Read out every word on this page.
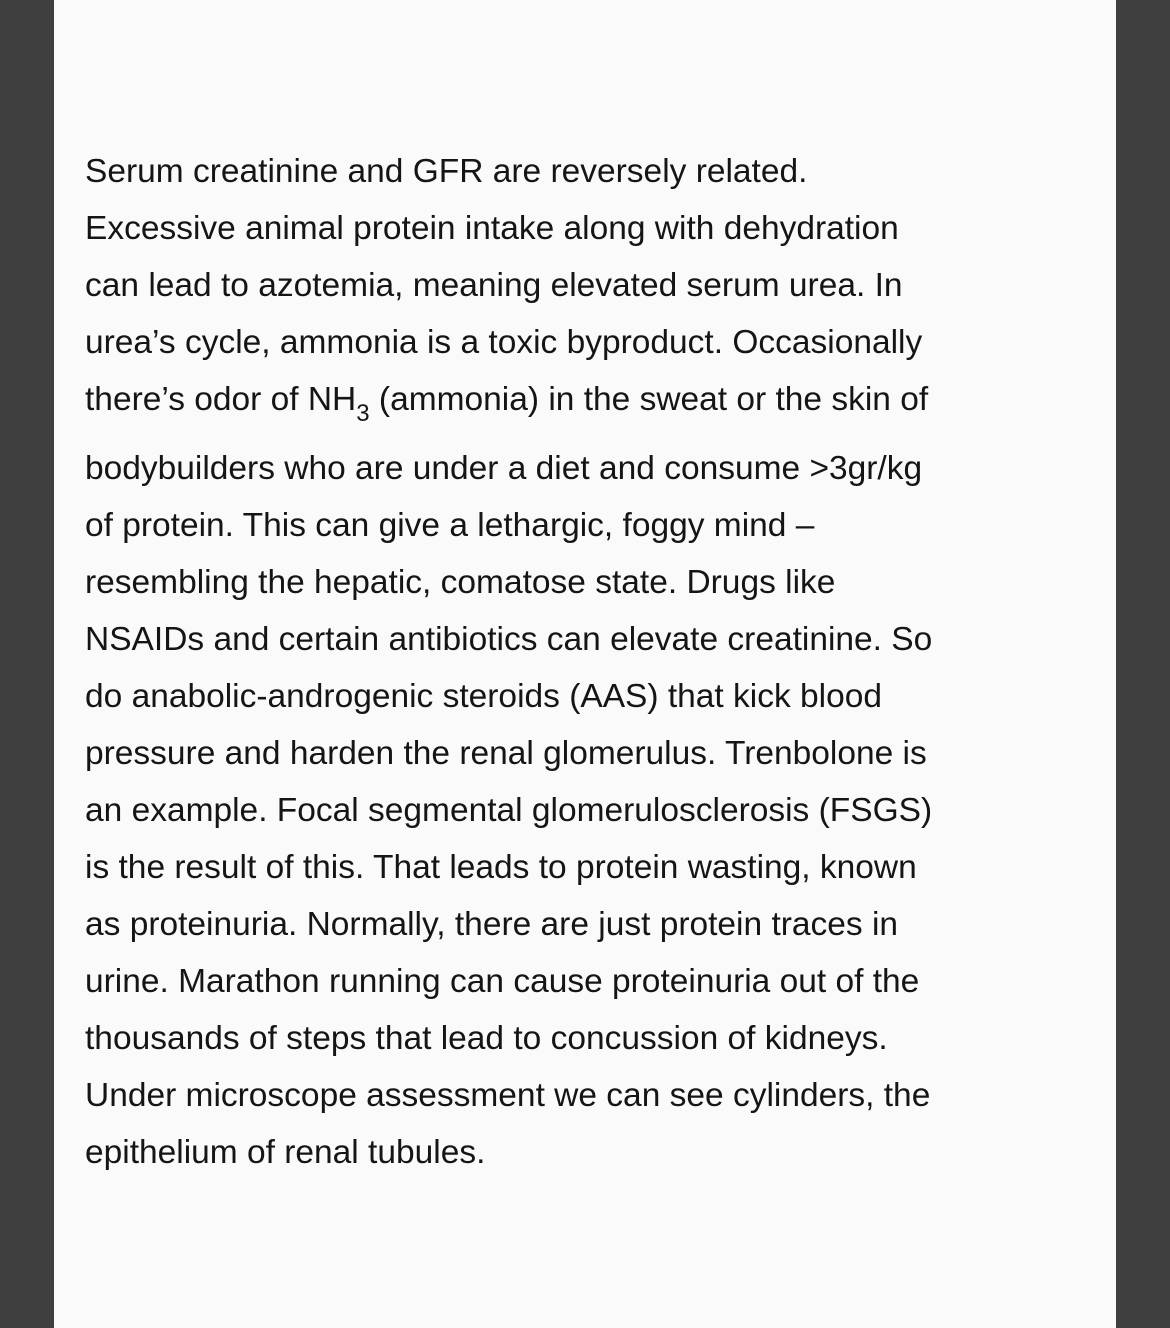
Serum creatinine and GFR are reversely related.
Excessive animal protein intake along with dehydration
can lead to azotemia, meaning elevated serum urea. In
urea’s cycle, ammonia is a toxic byproduct. Occasionally
there’s odor of $NH_3$ (ammonia) in the sweat or the skin of
bodybuilders who are under a diet and consume >3gr/kg
of protein. This can give a lethargic, foggy mind –
resembling the hepatic, comatose state. Drugs like
NSAIDs and certain antibiotics can elevate creatinine. So
do anabolic-androgenic steroids (AAS) that kick blood
pressure and harden the renal glomerulus. Trenbolone is
an example. Focal segmental glomerulosclerosis (FSGS)
is the result of this. That leads to protein wasting, known
as proteinuria. Normally, there are just protein traces in
urine. Marathon running can cause proteinuria out of the
thousands of steps that lead to concussion of kidneys.
Under microscope assessment we can see cylinders, the
epithelium of renal tubules.
